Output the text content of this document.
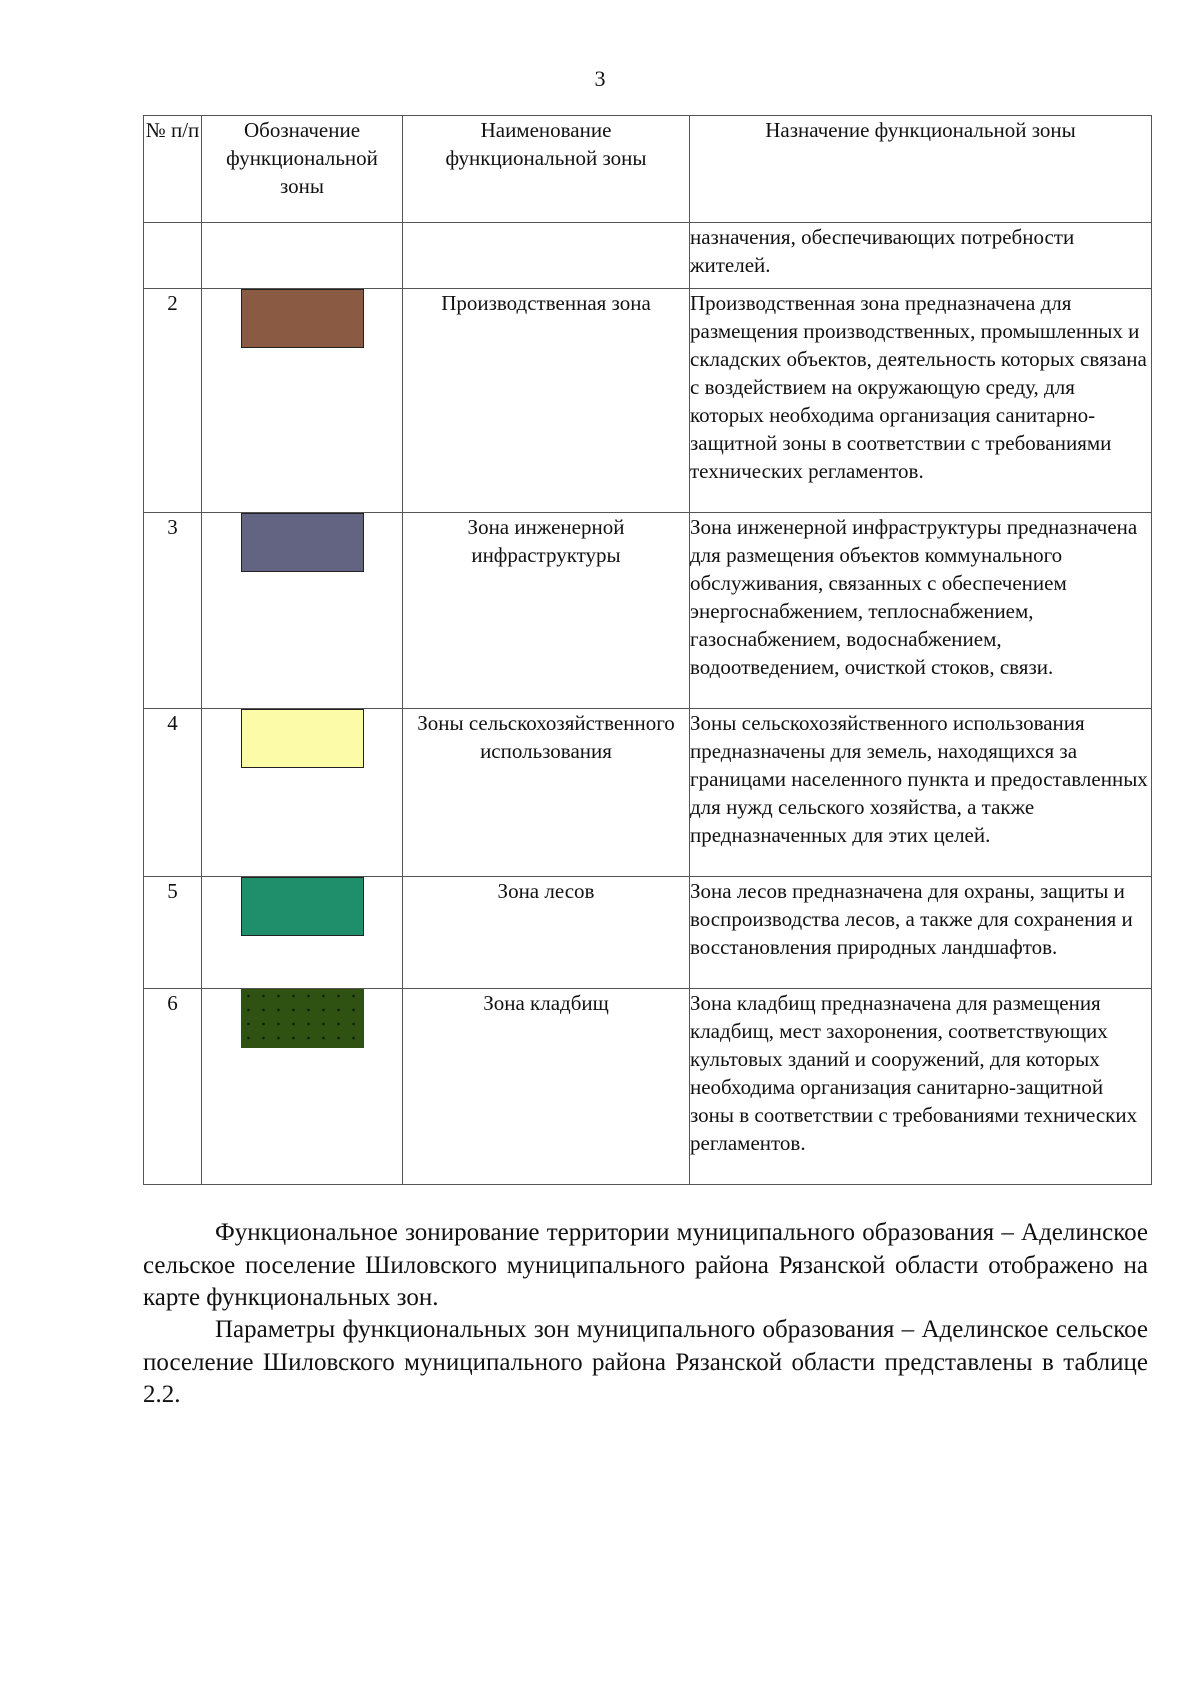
3
№ п/п	Обозначение функциональной зоны	Наименование функциональной зоны	Назначение функциональной зоны
			назначения, обеспечивающих потребности жителей.
2		Производственная зона	Производственная зона предназначена для размещения производственных, промышленных и складских объектов, деятельность которых связана с воздействием на окружающую среду, для которых необходима организация санитарно-защитной зоны в соответствии с требованиями технических регламентов.
3		Зона инженерной инфраструктуры	Зона инженерной инфраструктуры предназначена для размещения объектов коммунального обслуживания, связанных с обеспечением энергоснабжением, теплоснабжением, газоснабжением, водоснабжением, водоотведением, очисткой стоков, связи.
4		Зоны сельскохозяйственного использования	Зоны сельскохозяйственного использования предназначены для земель, находящихся за границами населенного пункта и предоставленных для нужд сельского хозяйства, а также предназначенных для этих целей.
5		Зона лесов	Зона лесов предназначена для охраны, защиты и воспроизводства лесов, а также для сохранения и восстановления природных ландшафтов.
6		Зона кладбищ	Зона кладбищ предназначена для размещения кладбищ, мест захоронения, соответствующих культовых зданий и сооружений, для которых необходима организация санитарно-защитной зоны в соответствии с требованиями технических регламентов.

Функциональное зонирование территории муниципального образования – Аделинское сельское поселение Шиловского муниципального района Рязанской области отображено на карте функциональных зон.

Параметры функциональных зон муниципального образования – Аделинское сельское поселение Шиловского муниципального района Рязанской области представлены в таблице 2.2.
